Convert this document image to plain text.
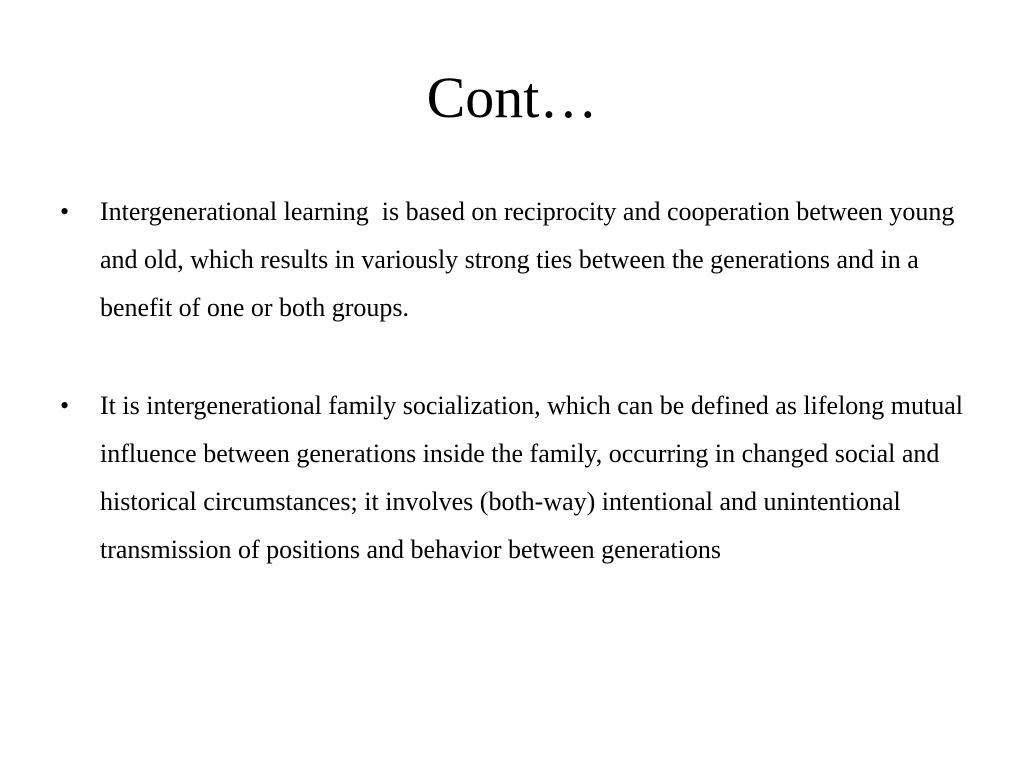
Cont…
• Intergenerational learning  is based on reciprocity and cooperation between young and old, which results in variously strong ties between the generations and in a benefit of one or both groups.
• It is intergenerational family socialization, which can be defined as lifelong mutual influence between generations inside the family, occurring in changed social and historical circumstances; it involves (both-way) intentional and unintentional transmission of positions and behavior between generations
